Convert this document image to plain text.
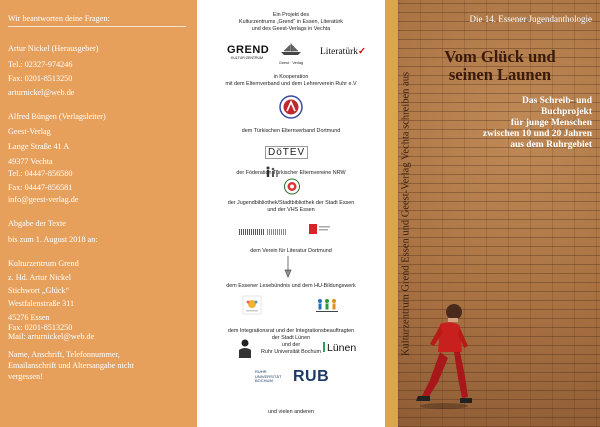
Wir beantworten deine Fragen:
Artur Nickel (Herausgeber)
Tel.: 02327-974246
Fax: 0201-8513250
arturnickel@web.de
Alfred Büngen (Verlagsleiter)
Geest-Verlag
Lange Straße 41 A
49377 Vechta
Tel.: 04447-856580
Fax: 04447-856581
info@geest-verlag.de
Abgabe der Texte
bis zum 1. August 2018 an:
Kulturzentrum Grend
z. Hd. Artur Nickel
Stichwort „Glück“
Westfalenstraße 311
45276 Essen
Fax: 0201-8513250
Mail: arturnickel@web.de
Name, Anschrift, Telefonnummer,
Emailanschrift und Altersangabe nicht
vergessen!
Ein Projekt des
Kulturzentrums „Grend“ in Essen, Literatürk
und des Geest-Verlags in Vechta
GREND
KULTUR·ZENTRUM
Geest · Verlag
Literatürk✓
in Kooperation
mit dem Elternverband und dem Lehrerverein Ruhr e.V
dem Türkischen Elternverband Dortmund
DöTEV
der Föderation Türkischer Elternvereine NRW
der Jugendbibliothek/Stadtbibliothek der Stadt Essen
und der VHS Essen
dem Verein für Literatur Dortmund
dem Essener Lesebündnis und dem HU-Bildungswerk
dem Integrationsrat und der Integrationsbeauftragten
der Stadt Lünen
und der
Ruhr Universität Bochum Lünen
RUHR
UNIVERSITÄT
BOCHUM	RUB
und vielen anderen
Kulturzentrum Grend Essen und Geest-Verlag Vechta schreiben aus
Die 14. Essener Jugendanthologie
Vom Glück und
seinen Launen
Das Schreib- und
Buchprojekt
für junge Menschen
zwischen 10 und 20 Jahren
aus dem Ruhrgebiet
